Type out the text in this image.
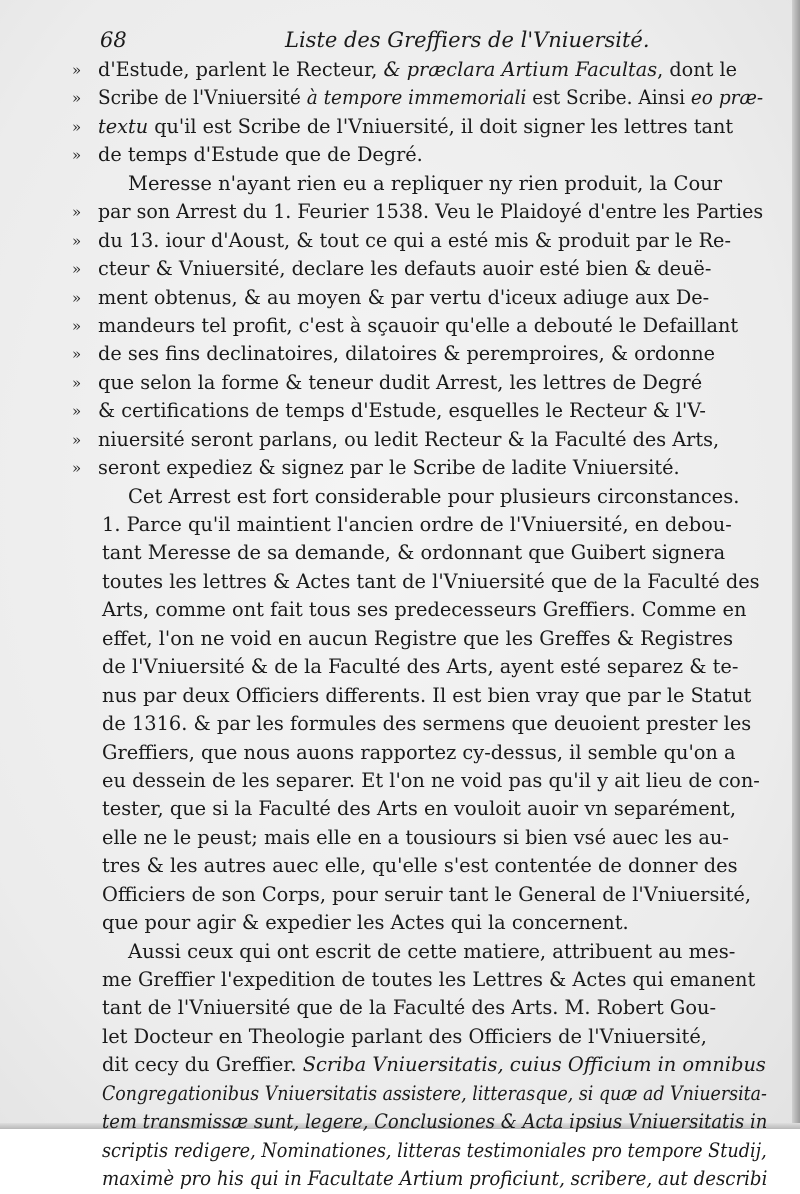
68	Liste des Greffiers de l'Vniuersité.
» d'Estude, parlent le Recteur, & præclara Artium Facultas, dont le
» Scribe de l'Vniuersité à tempore immemoriali est Scribe. Ainsi eo præ-
» textu qu'il est Scribe de l'Vniuersité, il doit signer les lettres tant
» de temps d'Estude que de Degré.
Meresse n'ayant rien eu a repliquer ny rien produit, la Cour
» par son Arrest du 1. Feurier 1538. Veu le Plaidoyé d'entre les Parties
» du 13. iour d'Aoust, & tout ce qui a esté mis & produit par le Re-
» cteur & Vniuersité, declare les defauts auoir esté bien & deuë-
» ment obtenus, & au moyen & par vertu d'iceux adiuge aux De-
» mandeurs tel profit, c'est à sçauoir qu'elle a debouté le Defaillant
» de ses fins declinatoires, dilatoires & peremproires, & ordonne
» que selon la forme & teneur dudit Arrest, les lettres de Degré
» & certifications de temps d'Estude, esquelles le Recteur & l'V-
» niuersité seront parlans, ou ledit Recteur & la Faculté des Arts,
» seront expediez & signez par le Scribe de ladite Vniuersité.
Cet Arrest est fort considerable pour plusieurs circonstances.
1. Parce qu'il maintient l'ancien ordre de l'Vniuersité, en debou-
tant Meresse de sa demande, & ordonnant que Guibert signera
toutes les lettres & Actes tant de l'Vniuersité que de la Faculté des
Arts, comme ont fait tous ses predecesseurs Greffiers. Comme en
effet, l'on ne void en aucun Registre que les Greffes & Registres
de l'Vniuersité & de la Faculté des Arts, ayent esté separez & te-
nus par deux Officiers differents. Il est bien vray que par le Statut
de 1316. & par les formules des sermens que deuoient prester les
Greffiers, que nous auons rapportez cy-dessus, il semble qu'on a
eu dessein de les separer. Et l'on ne void pas qu'il y ait lieu de con-
tester, que si la Faculté des Arts en vouloit auoir vn separément,
elle ne le peust; mais elle en a tousiours si bien vsé auec les au-
tres & les autres auec elle, qu'elle s'est contentée de donner des
Officiers de son Corps, pour seruir tant le General de l'Vniuersité,
que pour agir & expedier les Actes qui la concernent.
Aussi ceux qui ont escrit de cette matiere, attribuent au mes-
me Greffier l'expedition de toutes les Lettres & Actes qui emanent
tant de l'Vniuersité que de la Faculté des Arts. M. Robert Gou-
let Docteur en Theologie parlant des Officiers de l'Vniuersité,
dit cecy du Greffier. Scriba Vniuersitatis, cuius Officium in omnibus
Congregationibus Vniuersitatis assistere, litterasque, si quæ ad Vniuersita-
tem transmissæ sunt, legere, Conclusiones & Acta ipsius Vniuersitatis in
scriptis redigere, Nominationes, litteras testimoniales pro tempore Studij,
maximè pro his qui in Facultate Artium proficiunt, scribere, aut describi
